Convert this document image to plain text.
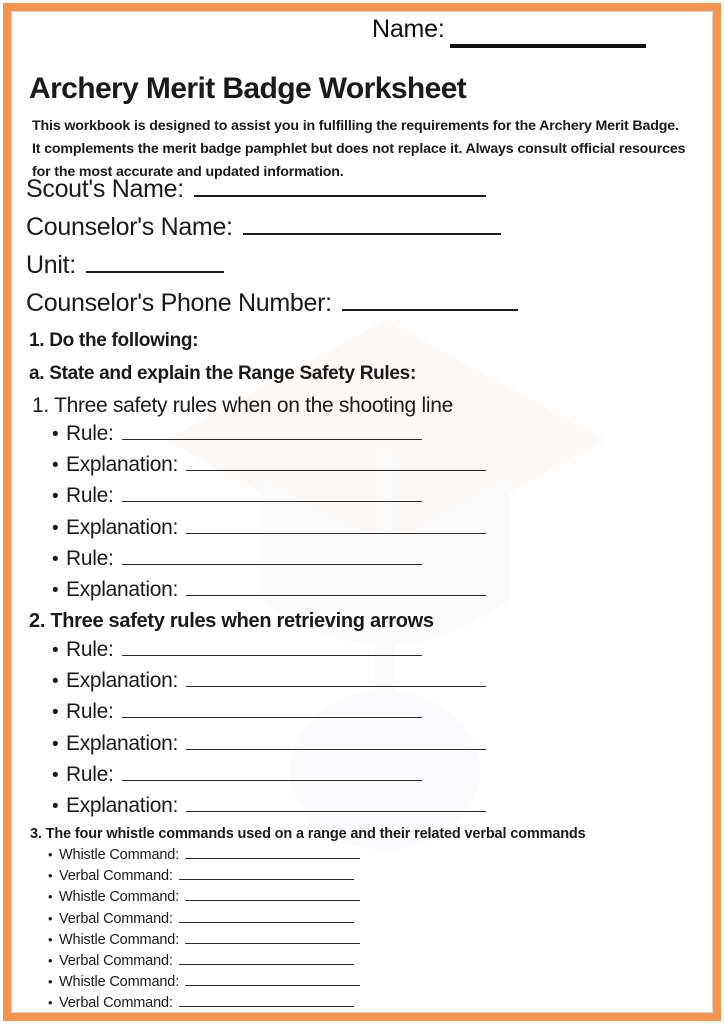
Name:
Archery Merit Badge Worksheet

This workbook is designed to assist you in fulfilling the requirements for the Archery Merit Badge. It complements the merit badge pamphlet but does not replace it. Always consult official resources for the most accurate and updated information.

Scout's Name:
Counselor's Name:
Unit:
Counselor's Phone Number:
1. Do the following:
a. State and explain the Range Safety Rules:
1. Three safety rules when on the shooting line
• Rule:
• Explanation:
• Rule:
• Explanation:
• Rule:
• Explanation:
2. Three safety rules when retrieving arrows
• Rule:
• Explanation:
• Rule:
• Explanation:
• Rule:
• Explanation:
3. The four whistle commands used on a range and their related verbal commands
• Whistle Command:
• Verbal Command:
• Whistle Command:
• Verbal Command:
• Whistle Command:
• Verbal Command:
• Whistle Command:
• Verbal Command:
